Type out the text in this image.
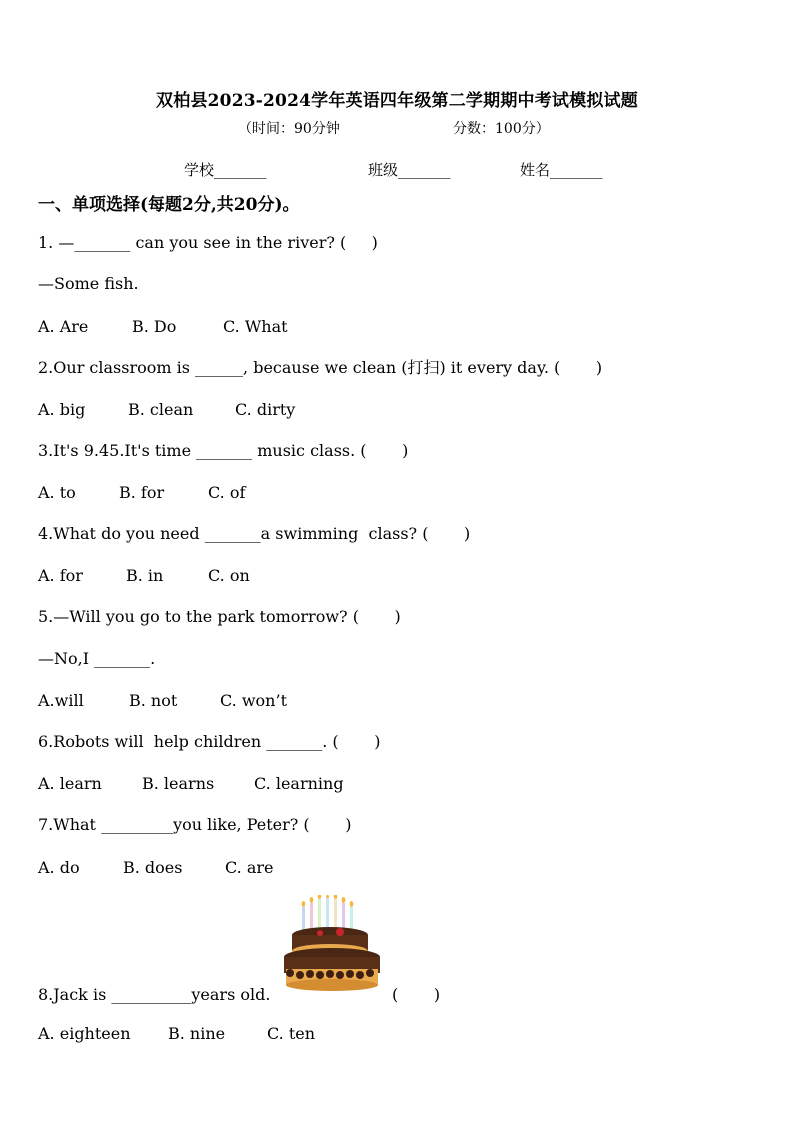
双柏县2023-2024学年英语四年级第二学期期中考试模拟试题
（时间：90分钟	分数：100分）
学校_______	班级_______	姓名_______
一、单项选择(每题2分,共20分)。
1. —_______ can you see in the river? (     )
—Some fish.
A. Are	B. Do	C. What
2.Our classroom is ______, because we clean (打扫) it every day. (       )
A. big	B. clean	C. dirty
3.It's 9.45.It's time _______ music class. (       )
A. to	B. for	C. of
4.What do you need _______a swimming  class? (       )
A. for	B. in	C. on
5.—Will you go to the park tomorrow? (       )
—No,I _______.
A.will	B. not	C. won’t
6.Robots will  help children _______. (       )
A. learn	B. learns C. learning
7.What _________you like, Peter? (       )
A. do	B. does	C. are
8.Jack is __________years old.	(       )
A. eighteen B. nine	C. ten
